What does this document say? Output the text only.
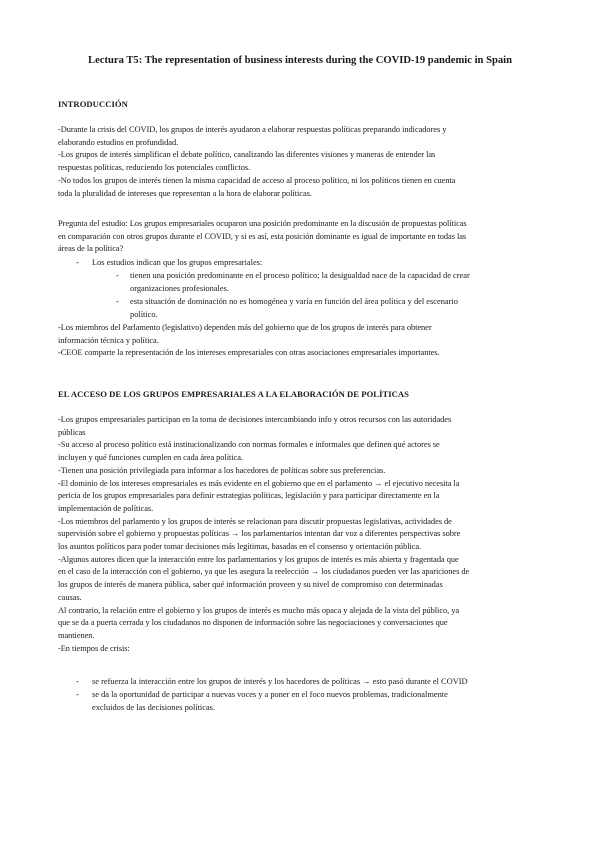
Lectura T5: The representation of business interests during the COVID-19 pandemic in Spain
INTRODUCCIÓN
-Durante la crisis del COVID, los grupos de interés ayudaron a elaborar respuestas políticas preparando indicadores y
elaborando estudios en profundidad.
-Los grupos de interés simplifican el debate político, canalizando las diferentes visiones y maneras de entender las
respuestas políticas, reduciendo los potenciales conflictos.
-No todos los grupos de interés tienen la misma capacidad de acceso al proceso político, ni los políticos tienen en cuenta
toda la pluralidad de intereses que representan a la hora de elaborar políticas.
Pregunta del estudio: Los grupos empresariales ocuparon una posición predominante en la discusión de propuestas políticas
en comparación con otros grupos durante el COVID, y si es así, esta posición dominante es igual de importante en todas las
áreas de la política?
- Los estudios indican que los grupos empresariales:
- tienen una posición predominante en el proceso político; la desigualdad nace de la capacidad de crear
organizaciones profesionales.
- esta situación de dominación no es homogénea y varía en función del área política y del escenario
político.
-Los miembros del Parlamento (legislativo) dependen más del gobierno que de los grupos de interés para obtener
información técnica y política.
-CEOE comparte la representación de los intereses empresariales con otras asociaciones empresariales importantes.
EL ACCESO DE LOS GRUPOS EMPRESARIALES A LA ELABORACIÓN DE POLÍTICAS
-Los grupos empresariales participan en la toma de decisiones intercambiando info y otros recursos con las autoridades
públicas
-Su acceso al proceso político está institucionalizando con normas formales e informales que definen qué actores se
incluyen y qué funciones cumplen en cada área política.
-Tienen una posición privilegiada para informar a los hacedores de políticas sobre sus preferencias.
-El dominio de los intereses empresariales es más evidente en el gobierno que en el parlamento → el ejecutivo necesita la
pericia de los grupos empresariales para definir estrategias políticas, legislación y para participar directamente en la
implementación de políticas.
-Los miembros del parlamento y los grupos de interés se relacionan para discutir propuestas legislativas, actividades de
supervisión sobre el gobierno y propuestas políticas → los parlamentarios intentan dar voz a diferentes perspectivas sobre
los asuntos políticos para poder tomar decisiones más legítimas, basadas en el consenso y orientación pública.
-Algunos autores dicen que la interacción entre los parlamentarios y los grupos de interés es más abierta y fragentada que
en el caso de la interacción con el gobierno, ya que les asegura la reelección → los ciudadanos pueden ver las apariciones de
los grupos de interés de manera pública, saber qué información proveen y su nivel de compromiso con determinadas
causas.
Al contrario, la relación entre el gobierno y los grupos de interés es mucho más opaca y alejada de la vista del público, ya
que se da a puerta cerrada y los ciudadanos no disponen de información sobre las negociaciones y conversaciones que
mantienen.
-En tiempos de crisis:
- se refuerza la interacción entre los grupos de interés y los hacedores de políticas → esto pasó durante el COVID
- se da la oportunidad de participar a nuevas voces y a poner en el foco nuevos problemas, tradicionalmente
excluidos de las decisiones políticas.
